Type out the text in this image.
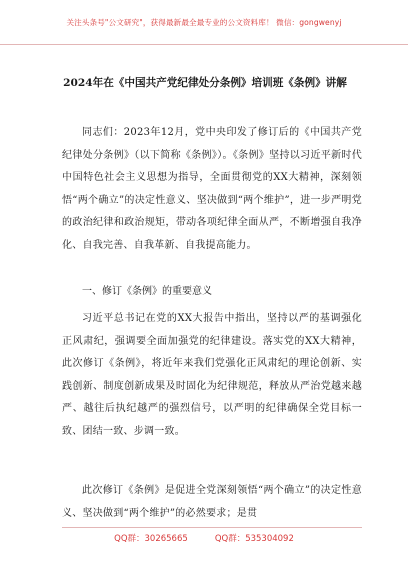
关注头条号"公文研究"，获得最新最全最专业的公文资料库！ 微信：gongwenyj
2024年在《中国共产党纪律处分条例》培训班《条例》讲解

同志们：2023年12月，党中央印发了修订后的《中国共产党纪律处分条例》（以下简称《条例》）。《条例》坚持以习近平新时代中国特色社会主义思想为指导，全面贯彻党的XX大精神，深刻领悟“两个确立”的决定性意义、坚决做到“两个维护”，进一步严明党的政治纪律和政治规矩，带动各项纪律全面从严，不断增强自我净化、自我完善、自我革新、自我提高能力。

一、修订《条例》的重要意义

习近平总书记在党的XX大报告中指出，坚持以严的基调强化正风肃纪，强调要全面加强党的纪律建设。落实党的XX大精神，此次修订《条例》，将近年来我们党强化正风肃纪的理论创新、实践创新、制度创新成果及时固化为纪律规范，释放从严治党越来越严、越往后执纪越严的强烈信号，以严明的纪律确保全党目标一致、团结一致、步调一致。

此次修订《条例》是促进全党深刻领悟“两个确立”的决定性意义、坚决做到“两个维护”的必然要求；是贯

QQ群：30265665	QQ群：535304092
